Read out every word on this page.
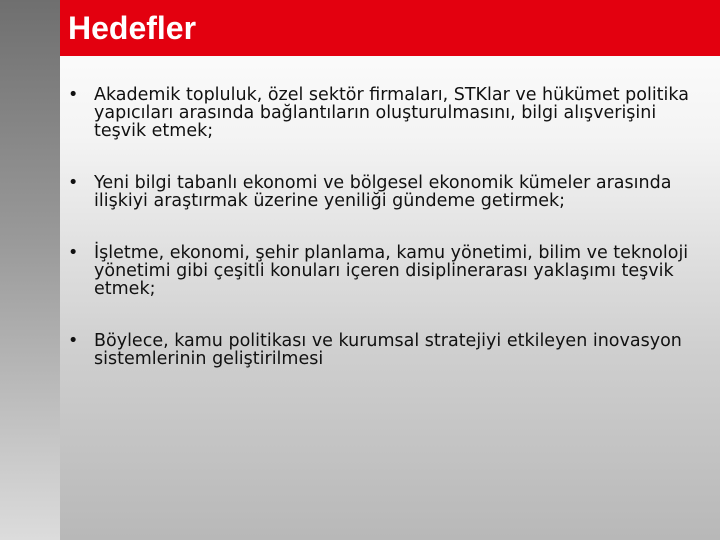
Hedefler
• Akademik topluluk, özel sektör firmaları, STKlar ve hükümet politika yapıcıları arasında bağlantıların oluşturulmasını, bilgi alışverişini teşvik etmek;
• Yeni bilgi tabanlı ekonomi ve bölgesel ekonomik kümeler arasında ilişkiyi araştırmak üzerine yeniliği gündeme getirmek;
• İşletme, ekonomi, şehir planlama, kamu yönetimi, bilim ve teknoloji yönetimi gibi çeşitli konuları içeren disiplinerarası yaklaşımı teşvik etmek;
• Böylece, kamu politikası ve kurumsal stratejiyi etkileyen inovasyon sistemlerinin geliştirilmesi
